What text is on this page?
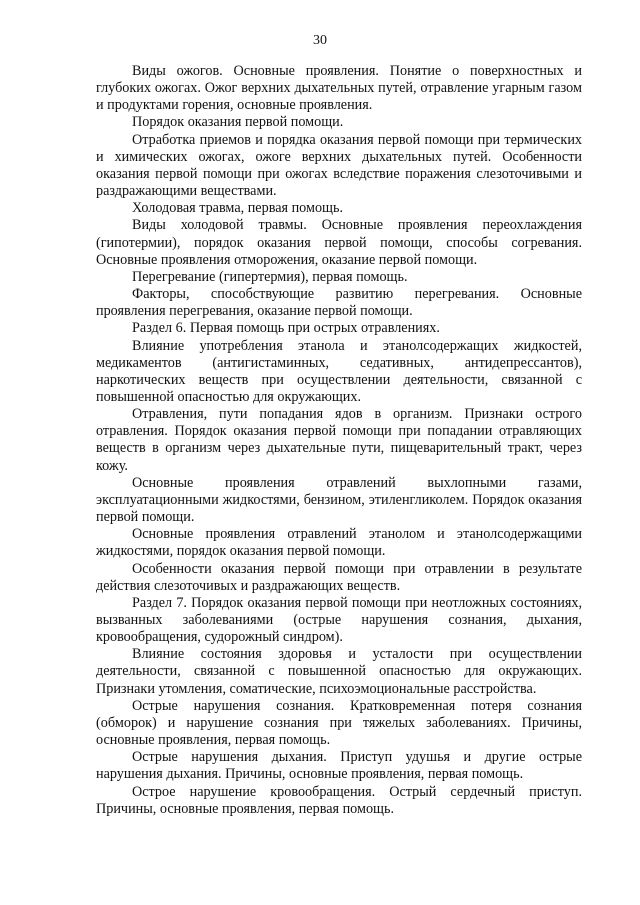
30

Виды ожогов. Основные проявления. Понятие о поверхностных и глубоких ожогах. Ожог верхних дыхательных путей, отравление угарным газом и продуктами горения, основные проявления.

Порядок оказания первой помощи.

Отработка приемов и порядка оказания первой помощи при термических и химических ожогах, ожоге верхних дыхательных путей. Особенности оказания первой помощи при ожогах вследствие поражения слезоточивыми и раздражающими веществами.

Холодовая травма, первая помощь.

Виды холодовой травмы. Основные проявления переохлаждения (гипотермии), порядок оказания первой помощи, способы согревания. Основные проявления отморожения, оказание первой помощи.

Перегревание (гипертермия), первая помощь.

Факторы, способствующие развитию перегревания. Основные проявления перегревания, оказание первой помощи.

Раздел 6. Первая помощь при острых отравлениях.

Влияние употребления этанола и этанолсодержащих жидкостей, медикаментов (антигистаминных, седативных, антидепрессантов), наркотических веществ при осуществлении деятельности, связанной с повышенной опасностью для окружающих.

Отравления, пути попадания ядов в организм. Признаки острого отравления. Порядок оказания первой помощи при попадании отравляющих веществ в организм через дыхательные пути, пищеварительный тракт, через кожу.

Основные проявления отравлений выхлопными газами, эксплуатационными жидкостями, бензином, этиленгликолем. Порядок оказания первой помощи.

Основные проявления отравлений этанолом и этанолсодержащими жидкостями, порядок оказания первой помощи.

Особенности оказания первой помощи при отравлении в результате действия слезоточивых и раздражающих веществ.

Раздел 7. Порядок оказания первой помощи при неотложных состояниях, вызванных заболеваниями (острые нарушения сознания, дыхания, кровообращения, судорожный синдром).

Влияние состояния здоровья и усталости при осуществлении деятельности, связанной с повышенной опасностью для окружающих. Признаки утомления, соматические, психоэмоциональные расстройства.

Острые нарушения сознания. Кратковременная потеря сознания (обморок) и нарушение сознания при тяжелых заболеваниях. Причины, основные проявления, первая помощь.

Острые нарушения дыхания. Приступ удушья и другие острые нарушения дыхания. Причины, основные проявления, первая помощь.

Острое нарушение кровообращения. Острый сердечный приступ. Причины, основные проявления, первая помощь.
